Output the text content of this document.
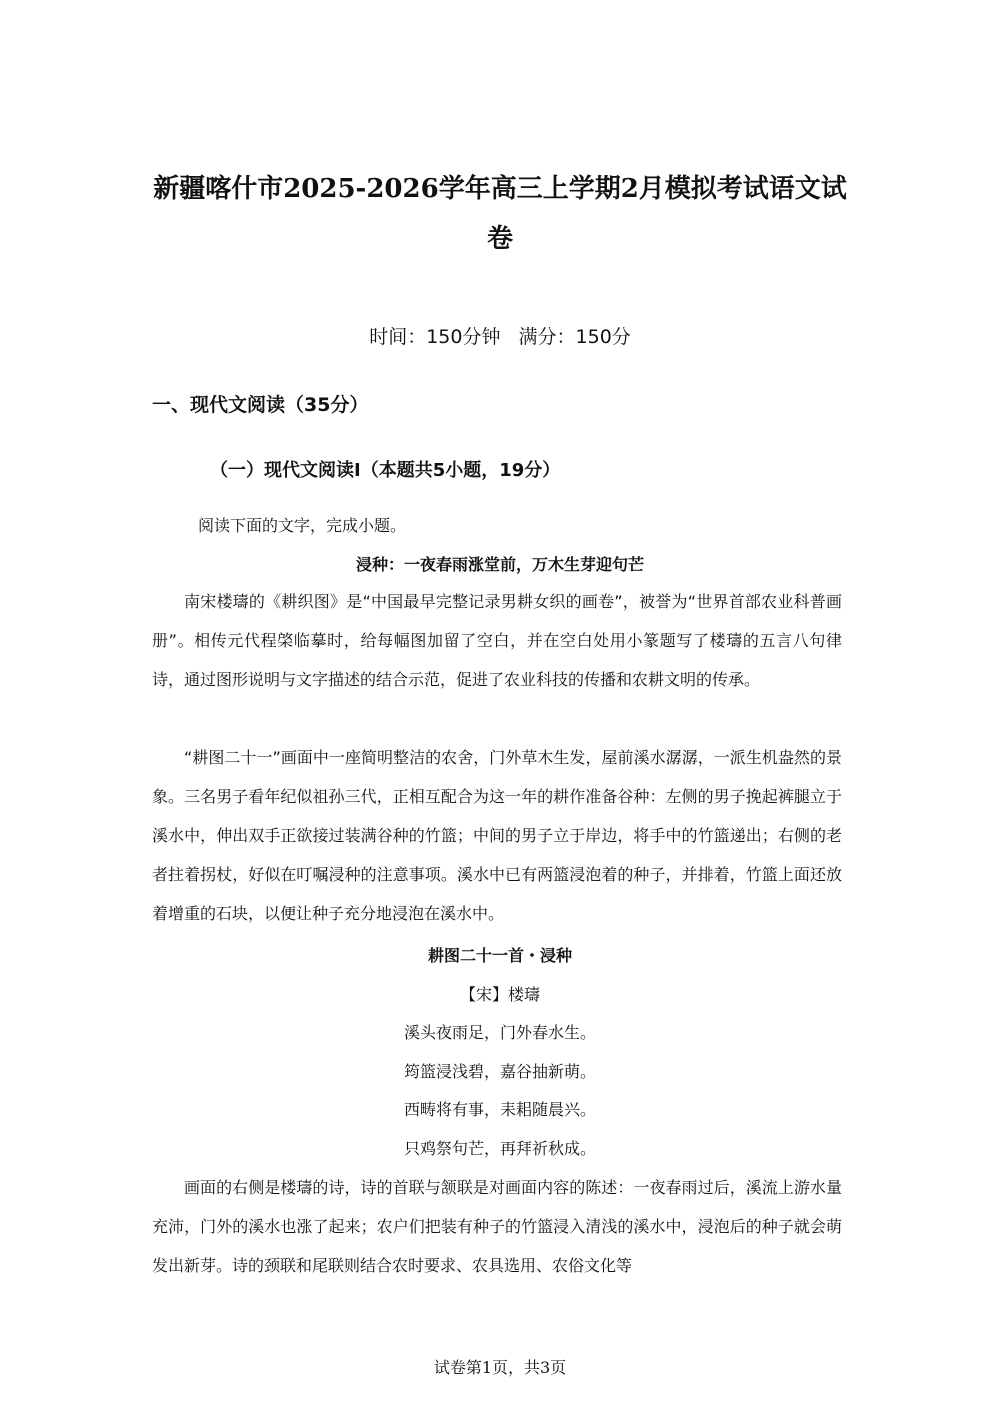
新疆喀什市2025-2026学年高三上学期2月模拟考试语文试
卷
时间：150分钟 满分：150分
一、现代文阅读（35分）
（一）现代文阅读Ⅰ（本题共5小题，19分）
阅读下面的文字，完成小题。
浸种：一夜春雨涨堂前，万木生芽迎句芒
南宋楼璹的《耕织图》是“中国最早完整记录男耕女织的画卷”，被誉为“世界首部农业科普画册”。相传元代程棨临摹时，给每幅图加留了空白，并在空白处用小篆题写了楼璹的五言八句律诗，通过图形说明与文字描述的结合示范，促进了农业科技的传播和农耕文明的传承。
“耕图二十一”画面中一座简明整洁的农舍，门外草木生发，屋前溪水潺潺，一派生机盎然的景象。三名男子看年纪似祖孙三代，正相互配合为这一年的耕作准备谷种：左侧的男子挽起裤腿立于溪水中，伸出双手正欲接过装满谷种的竹篮；中间的男子立于岸边，将手中的竹篮递出；右侧的老者拄着拐杖，好似在叮嘱浸种的注意事项。溪水中已有两篮浸泡着的种子，并排着，竹篮上面还放着增重的石块，以便让种子充分地浸泡在溪水中。
耕图二十一首・浸种
【宋】楼璹
溪头夜雨足，门外春水生。
筠篮浸浅碧，嘉谷抽新萌。
西畴将有事，耒耜随晨兴。
只鸡祭句芒，再拜祈秋成。
画面的右侧是楼璹的诗，诗的首联与颔联是对画面内容的陈述：一夜春雨过后，溪流上游水量充沛，门外的溪水也涨了起来；农户们把装有种子的竹篮浸入清浅的溪水中，浸泡后的种子就会萌发出新芽。诗的颈联和尾联则结合农时要求、农具选用、农俗文化等
试卷第1页，共3页
